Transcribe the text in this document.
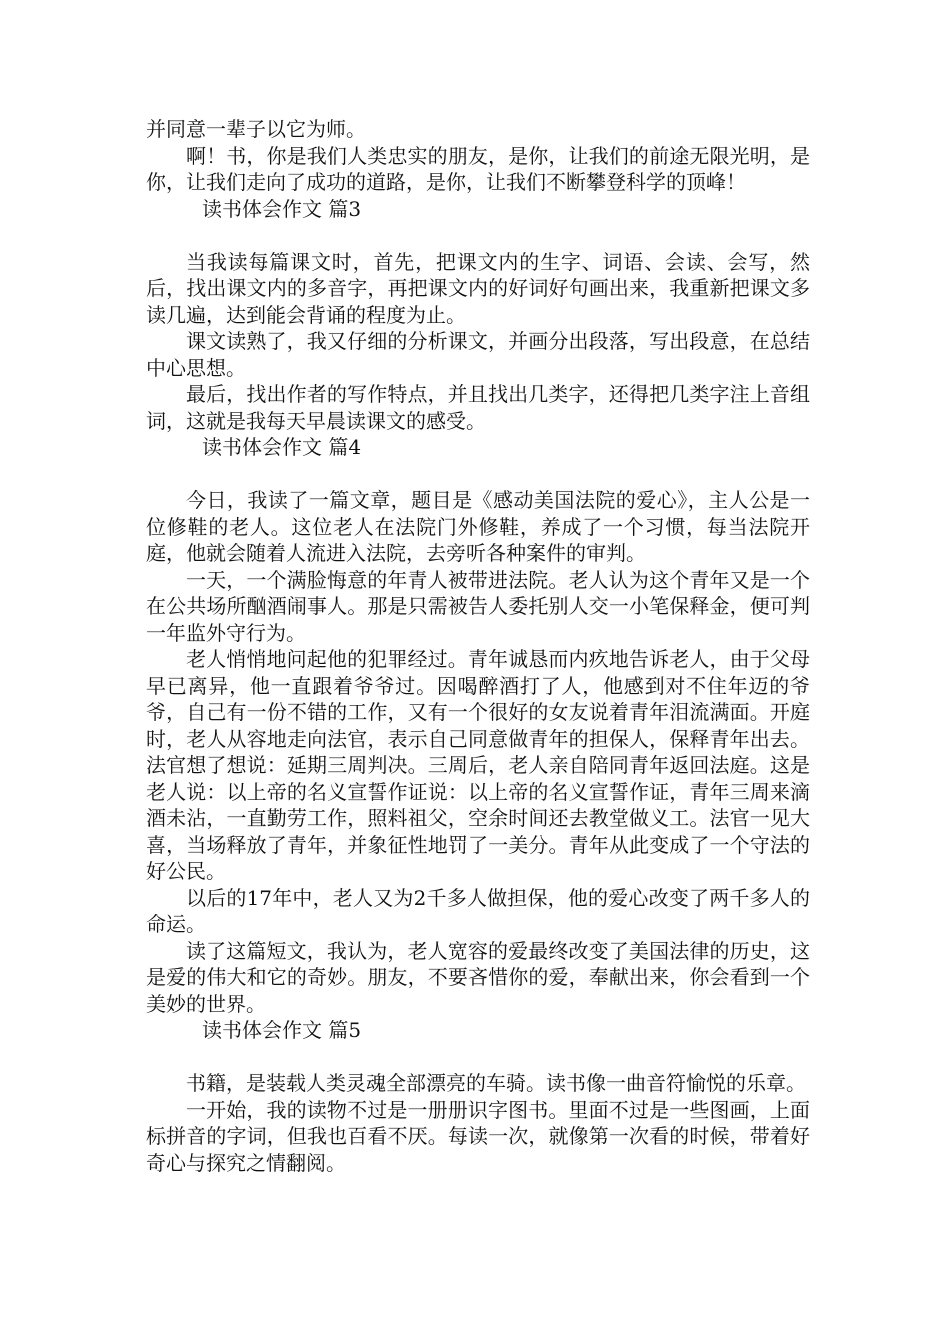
并同意一辈子以它为师。

啊！书，你是我们人类忠实的朋友，是你，让我们的前途无限光明，是你，让我们走向了成功的道路，是你，让我们不断攀登科学的顶峰！

读书体会作文 篇3

当我读每篇课文时，首先，把课文内的生字、词语、会读、会写，然后，找出课文内的多音字，再把课文内的好词好句画出来，我重新把课文多读几遍，达到能会背诵的程度为止。

课文读熟了，我又仔细的分析课文，并画分出段落，写出段意，在总结中心思想。

最后，找出作者的写作特点，并且找出几类字，还得把几类字注上音组词，这就是我每天早晨读课文的感受。

读书体会作文 篇4

今日，我读了一篇文章，题目是《感动美国法院的爱心》，主人公是一位修鞋的老人。这位老人在法院门外修鞋，养成了一个习惯，每当法院开庭，他就会随着人流进入法院，去旁听各种案件的审判。

一天，一个满脸悔意的年青人被带进法院。老人认为这个青年又是一个在公共场所酗酒闹事人。那是只需被告人委托别人交一小笔保释金，便可判一年监外守行为。

老人悄悄地问起他的犯罪经过。青年诚恳而内疚地告诉老人，由于父母早已离异，他一直跟着爷爷过。因喝醉酒打了人，他感到对不住年迈的爷爷，自己有一份不错的工作，又有一个很好的女友说着青年泪流满面。开庭时，老人从容地走向法官，表示自己同意做青年的担保人，保释青年出去。法官想了想说：延期三周判决。三周后，老人亲自陪同青年返回法庭。这是老人说：以上帝的名义宣誓作证说：以上帝的名义宣誓作证，青年三周来滴酒未沾，一直勤劳工作，照料祖父，空余时间还去教堂做义工。法官一见大喜，当场释放了青年，并象征性地罚了一美分。青年从此变成了一个守法的好公民。

以后的17年中，老人又为2千多人做担保，他的爱心改变了两千多人的命运。

读了这篇短文，我认为，老人宽容的爱最终改变了美国法律的历史，这是爱的伟大和它的奇妙。朋友，不要吝惜你的爱，奉献出来，你会看到一个美妙的世界。

读书体会作文 篇5

书籍，是装载人类灵魂全部漂亮的车骑。读书像一曲音符愉悦的乐章。

一开始，我的读物不过是一册册识字图书。里面不过是一些图画，上面标拼音的字词，但我也百看不厌。每读一次，就像第一次看的时候，带着好奇心与探究之情翻阅。
